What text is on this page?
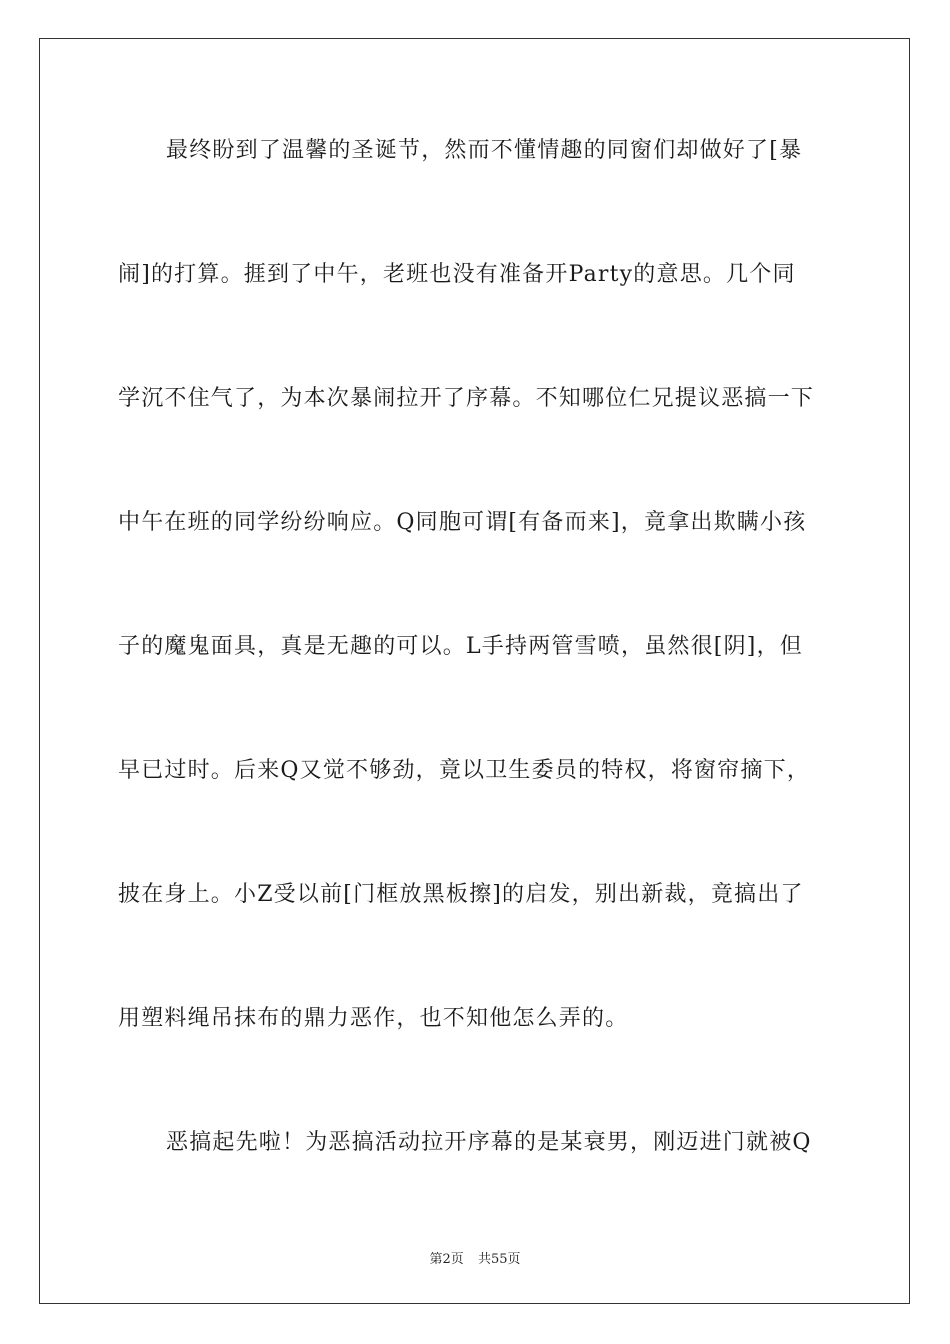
最终盼到了温馨的圣诞节，然而不懂情趣的同窗们却做好了[暴
闹]的打算。捱到了中午，老班也没有准备开Party的意思。几个同
学沉不住气了，为本次暴闹拉开了序幕。不知哪位仁兄提议恶搞一下
中午在班的同学纷纷响应。Q同胞可谓[有备而来]，竟拿出欺瞒小孩
子的魔鬼面具，真是无趣的可以。L手持两管雪喷，虽然很[阴]，但
早已过时。后来Q又觉不够劲，竟以卫生委员的特权，将窗帘摘下，
披在身上。小Z受以前[门框放黑板擦]的启发，别出新裁，竟搞出了
用塑料绳吊抹布的鼎力恶作，也不知他怎么弄的。
恶搞起先啦！为恶搞活动拉开序幕的是某衰男，刚迈进门就被Q
第2页 共55页
